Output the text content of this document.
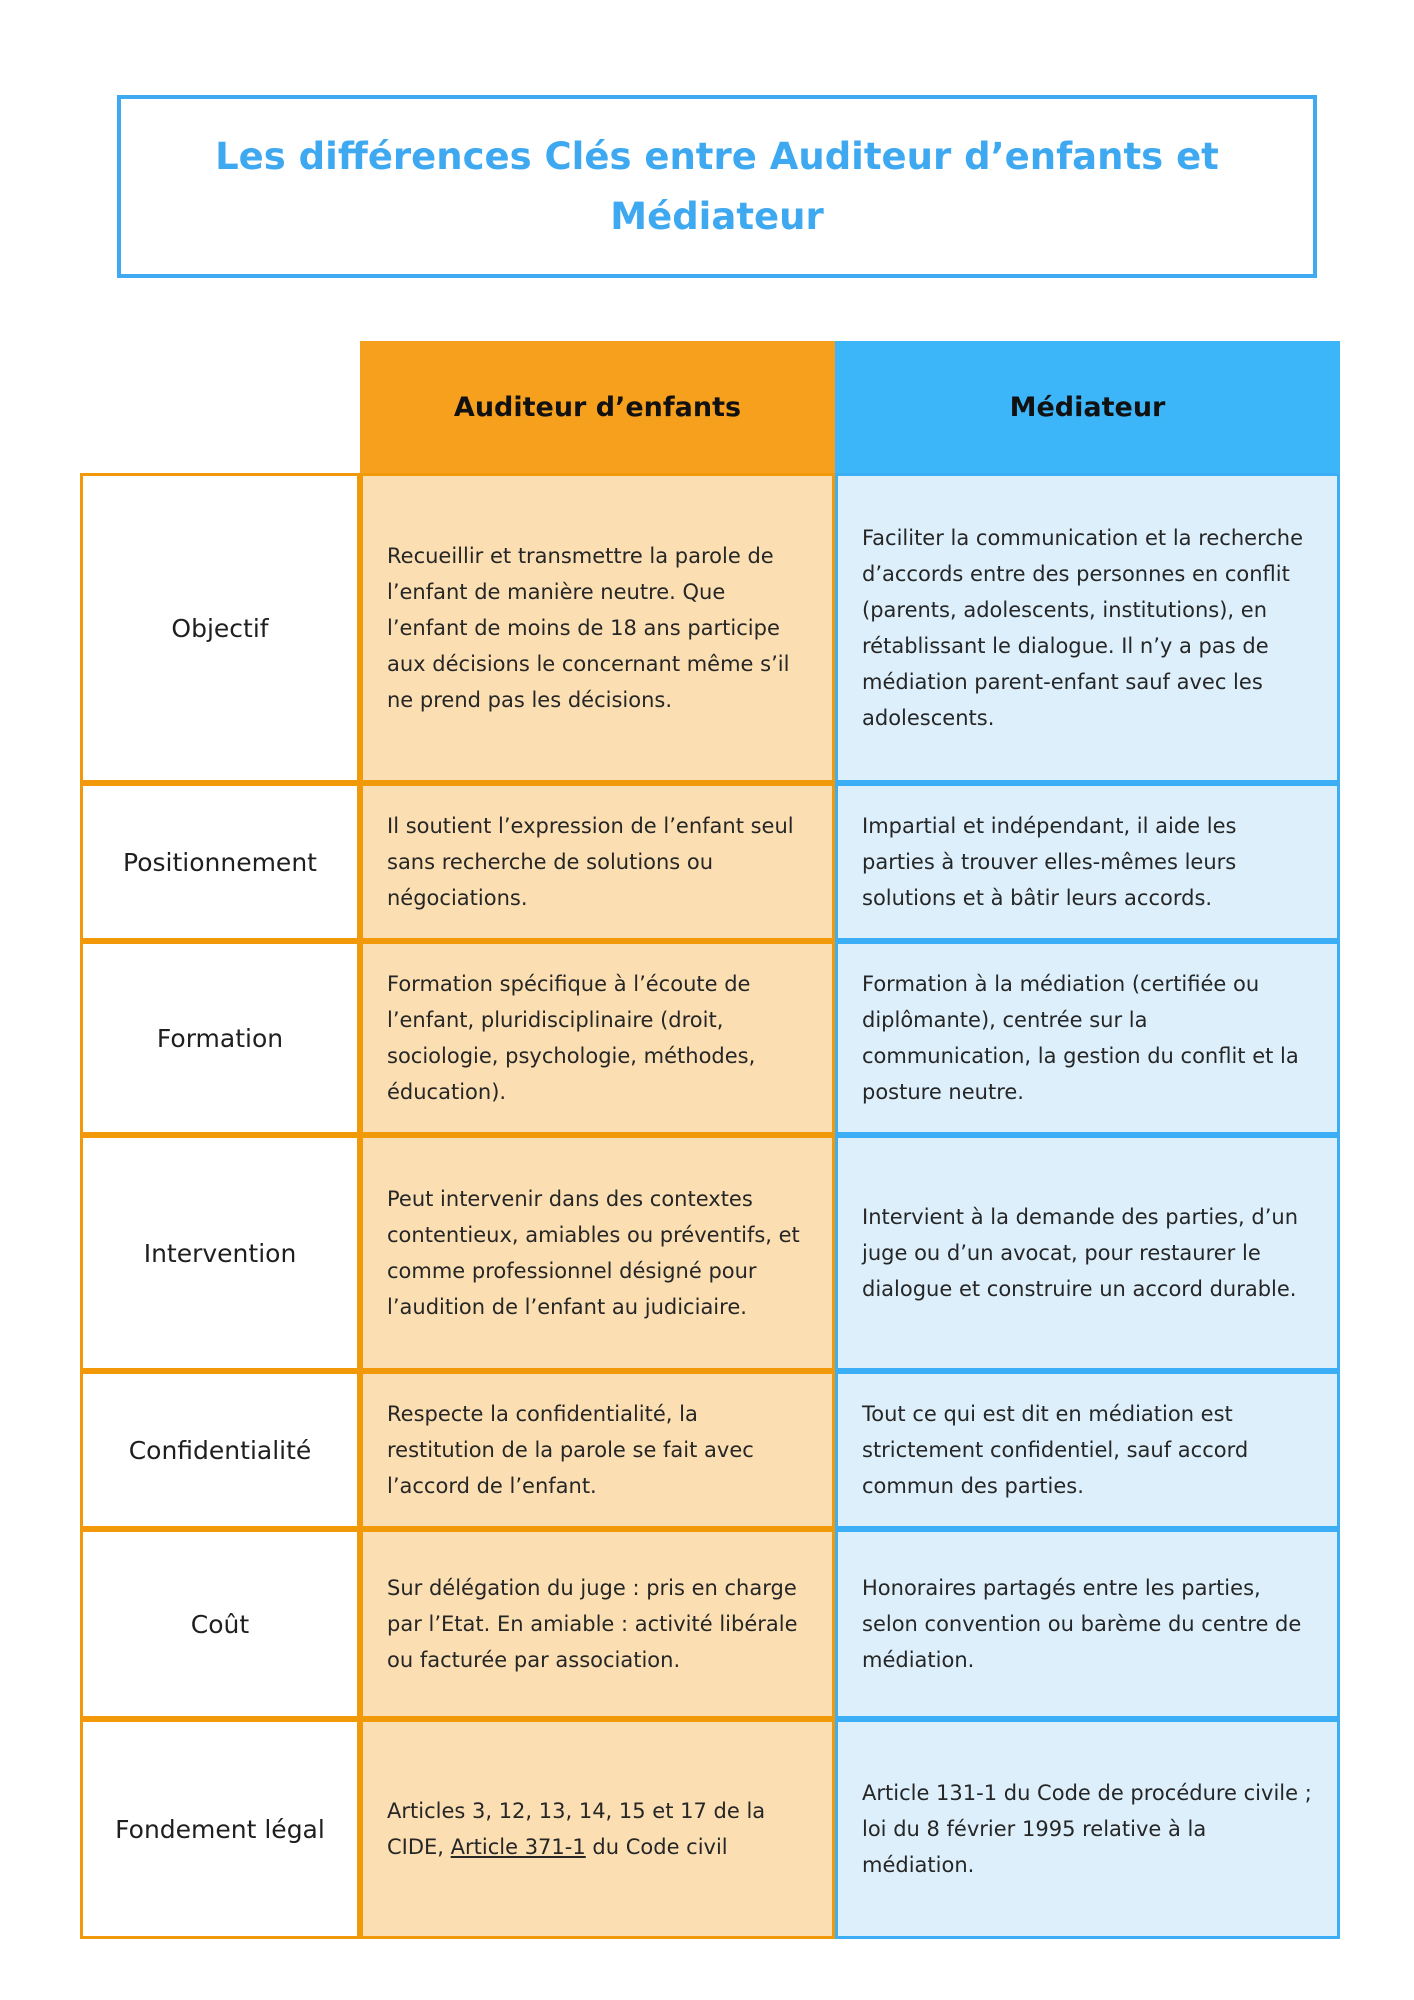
Les différences Clés entre Auditeur d’enfants et Médiateur
Auditeur d’enfants	Médiateur
Objectif
Recueillir et transmettre la parole de l’enfant de manière neutre. Que l’enfant de moins de 18 ans participe aux décisions le concernant même s’il ne prend pas les décisions.
Faciliter la communication et la recherche d’accords entre des personnes en conflit (parents, adolescents, institutions), en rétablissant le dialogue. Il n’y a pas de médiation parent-enfant sauf avec les adolescents.
Positionnement
Il soutient l’expression de l’enfant seul sans recherche de solutions ou négociations.
Impartial et indépendant, il aide les parties à trouver elles-mêmes leurs solutions et à bâtir leurs accords.
Formation
Formation spécifique à l’écoute de l’enfant, pluridisciplinaire (droit, sociologie, psychologie, méthodes, éducation).
Formation à la médiation (certifiée ou diplômante), centrée sur la communication, la gestion du conflit et la posture neutre.
Intervention
Peut intervenir dans des contextes contentieux, amiables ou préventifs, et comme professionnel désigné pour l’audition de l’enfant au judiciaire.
Intervient à la demande des parties, d’un juge ou d’un avocat, pour restaurer le dialogue et construire un accord durable.
Confidentialité
Respecte la confidentialité, la restitution de la parole se fait avec l’accord de l’enfant.
Tout ce qui est dit en médiation est strictement confidentiel, sauf accord commun des parties.
Coût
Sur délégation du juge : pris en charge par l’Etat. En amiable : activité libérale ou facturée par association.
Honoraires partagés entre les parties, selon convention ou barème du centre de médiation.
Fondement légal
Articles 3, 12, 13, 14, 15 et 17 de la CIDE, Article 371-1 du Code civil
Article 131-1 du Code de procédure civile ; loi du 8 février 1995 relative à la médiation.
